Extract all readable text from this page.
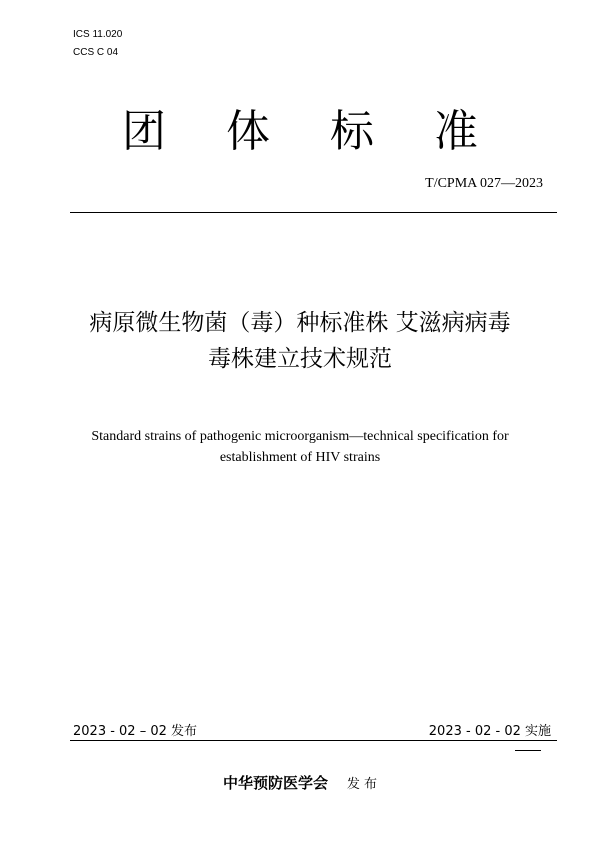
ICS 11.020
CCS C 04
团体标准
T/CPMA 027—2023
病原微生物菌（毒）种标准株 艾滋病病毒
毒株建立技术规范
Standard strains of pathogenic microorganism—technical specification for
establishment of HIV strains
2023 - 02 – 02 发布	2023 - 02 - 02 实施
中华预防医学会 发 布
